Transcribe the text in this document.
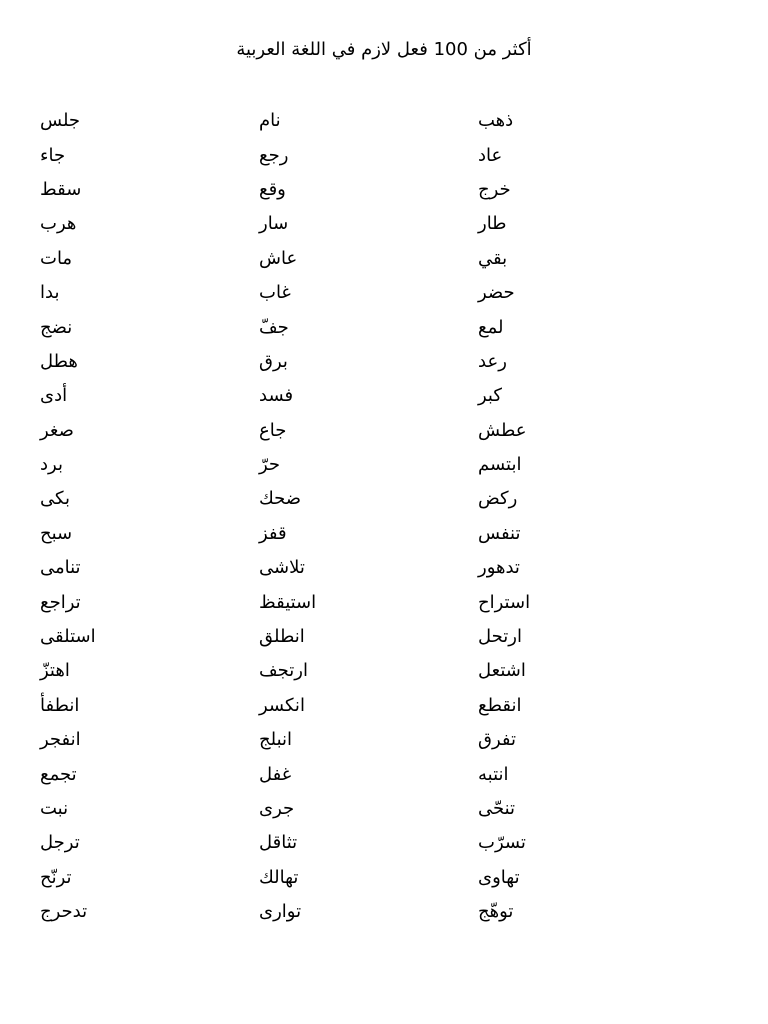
أكثر من 100 فعل لازم في اللغة العربية
جلس	نام	ذهب
جاء	رجع	عاد
سقط	وقع	خرج
هرب	سار	طار
مات	عاش	بقي
بدا	غاب	حضر
نضج	جفّ	لمع
هطل	برق	رعد
أدى	فسد	كبر
صغر	جاع	عطش
برد	حرّ	ابتسم
بكى	ضحك	ركض
سبح	قفز	تنفس
تنامى	تلاشى	تدهور
تراجع	استيقظ	استراح
استلقى	انطلق	ارتحل
اهتزّ	ارتجف	اشتعل
انطفأ	انكسر	انقطع
انفجر	انبلج	تفرق
تجمع	غفل	انتبه
نبت	جرى	تنحّى
ترجل	تثاقل	تسرّب
ترنّح	تهالك	تهاوى
تدحرج	توارى	توهّج
